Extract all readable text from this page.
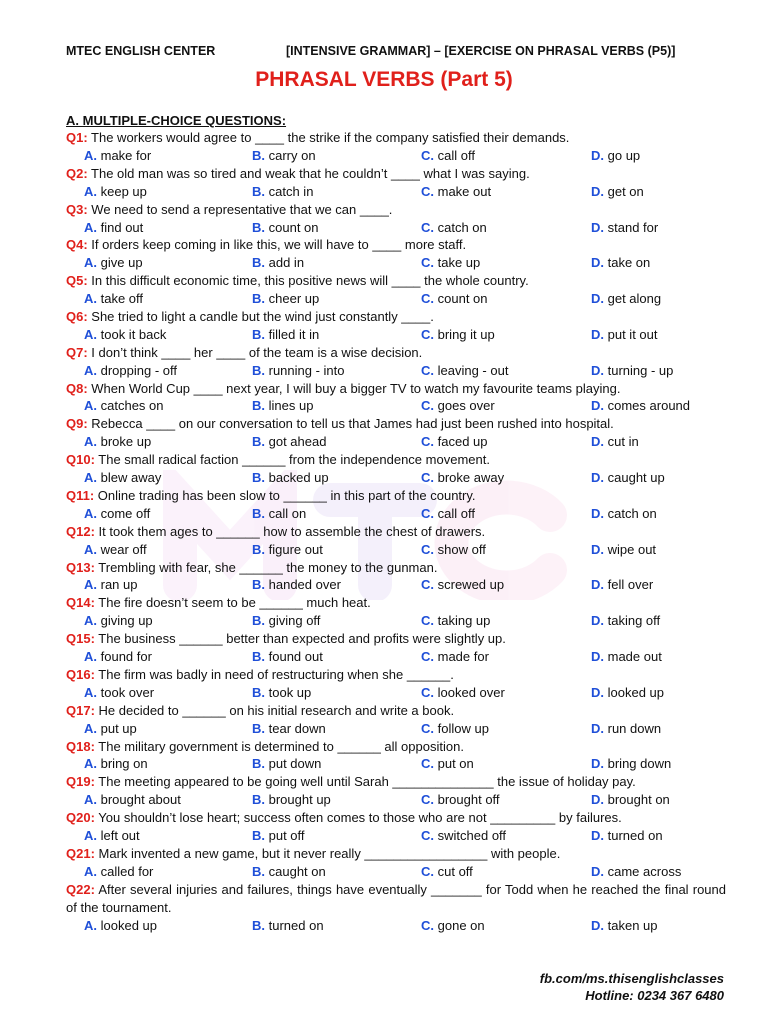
MTEC ENGLISH CENTER	[INTENSIVE GRAMMAR] – [EXERCISE ON PHRASAL VERBS (P5)]
PHRASAL VERBS (Part 5)
A. MULTIPLE-CHOICE QUESTIONS:
Q1: The workers would agree to ____ the strike if the company satisfied their demands.
A. make for	B. carry on	C. call off	D. go up
Q2: The old man was so tired and weak that he couldn’t ____ what I was saying.
A. keep up	B. catch in	C. make out	D. get on
Q3: We need to send a representative that we can ____.
A. find out	B. count on	C. catch on	D. stand for
Q4: If orders keep coming in like this, we will have to ____ more staff.
A. give up	B. add in	C. take up	D. take on
Q5: In this difficult economic time, this positive news will ____ the whole country.
A. take off	B. cheer up	C. count on	D. get along
Q6: She tried to light a candle but the wind just constantly ____.
A. took it back	B. filled it in	C. bring it up	D. put it out
Q7: I don’t think ____ her ____ of the team is a wise decision.
A. dropping - off	B. running - into	C. leaving - out	D. turning - up
Q8: When World Cup ____ next year, I will buy a bigger TV to watch my favourite teams playing.
A. catches on	B. lines up	C. goes over	D. comes around
Q9: Rebecca ____ on our conversation to tell us that James had just been rushed into hospital.
A. broke up	B. got ahead	C. faced up	D. cut in
Q10: The small radical faction ______ from the independence movement.
A. blew away	B. backed up	C. broke away	D. caught up
Q11: Online trading has been slow to ______ in this part of the country.
A. come off	B. call on	C. call off	D. catch on
Q12: It took them ages to ______ how to assemble the chest of drawers.
A. wear off	B. figure out	C. show off	D. wipe out
Q13: Trembling with fear, she ______ the money to the gunman.
A. ran up	B. handed over	C. screwed up	D. fell over
Q14: The fire doesn’t seem to be ______ much heat.
A. giving up	B. giving off	C. taking up	D. taking off
Q15: The business ______ better than expected and profits were slightly up.
A. found for	B. found out	C. made for	D. made out
Q16: The firm was badly in need of restructuring when she ______.
A. took over	B. took up	C. looked over	D. looked up
Q17: He decided to ______ on his initial research and write a book.
A. put up	B. tear down	C. follow up	D. run down
Q18: The military government is determined to ______ all opposition.
A. bring on	B. put down	C. put on	D. bring down
Q19: The meeting appeared to be going well until Sarah ______________ the issue of holiday pay.
A. brought about	B. brought up	C. brought off	D. brought on
Q20: You shouldn’t lose heart; success often comes to those who are not _________ by failures.
A. left out	B. put off	C. switched off	D. turned on
Q21: Mark invented a new game, but it never really _________________ with people.
A. called for	B. caught on	C. cut off	D. came across
Q22: After several injuries and failures, things have eventually _______ for Todd when he reached the final round of the tournament.
A. looked up	B. turned on	C. gone on	D. taken up
fb.com/ms.thisenglishclasses
Hotline: 0234 367 6480
